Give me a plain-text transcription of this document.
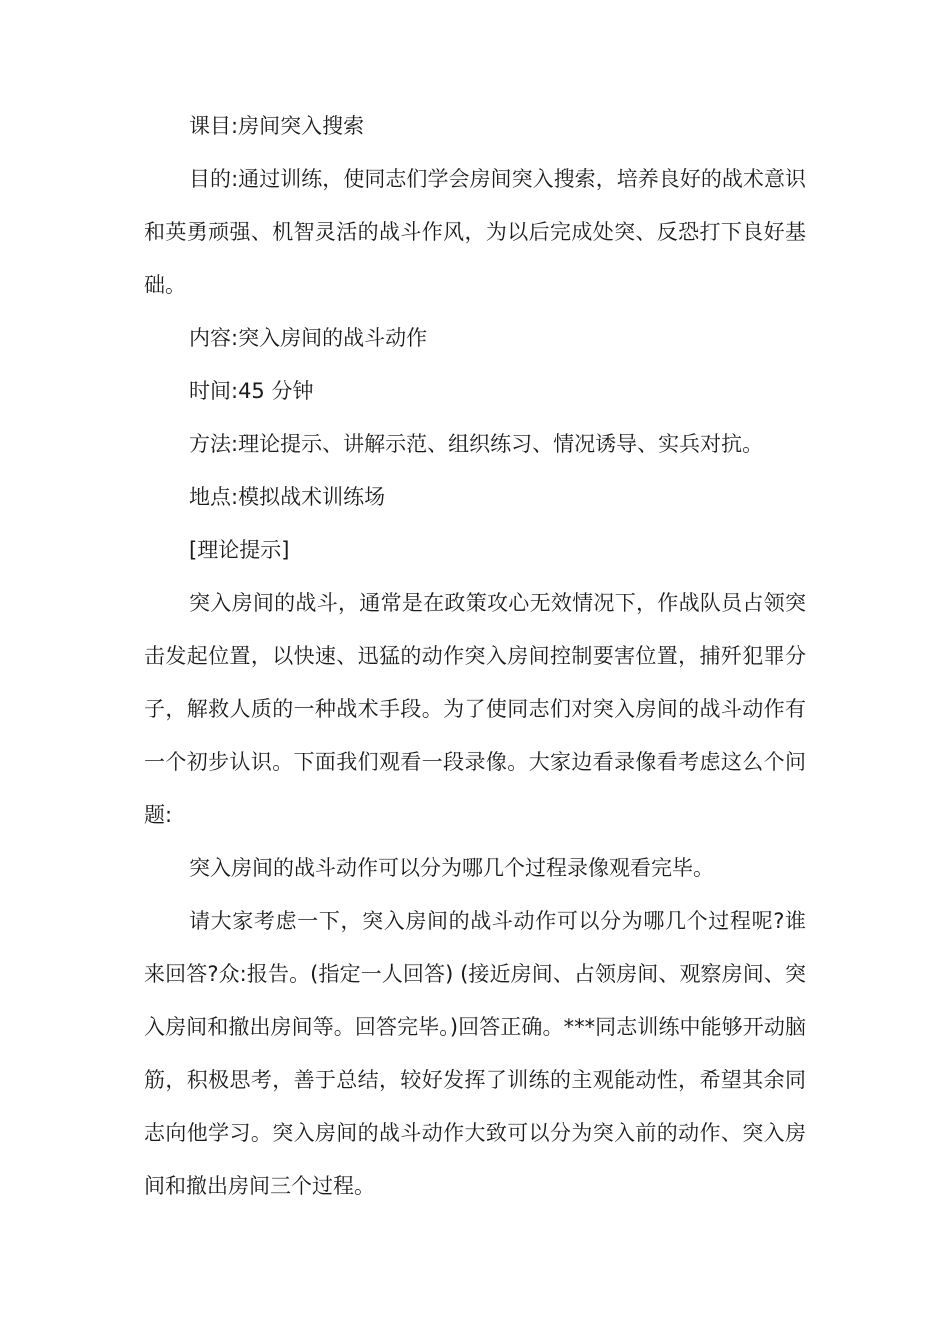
课目:房间突入搜索

目的:通过训练，使同志们学会房间突入搜索，培养良好的战术意识和英勇顽强、机智灵活的战斗作风，为以后完成处突、反恐打下良好基础。

内容:突入房间的战斗动作

时间:45 分钟

方法:理论提示、讲解示范、组织练习、情况诱导、实兵对抗。

地点:模拟战术训练场

[理论提示]

突入房间的战斗，通常是在政策攻心无效情况下，作战队员占领突击发起位置，以快速、迅猛的动作突入房间控制要害位置，捕歼犯罪分子，解救人质的一种战术手段。为了使同志们对突入房间的战斗动作有一个初步认识。下面我们观看一段录像。大家边看录像看考虑这么个问题:

突入房间的战斗动作可以分为哪几个过程录像观看完毕。

请大家考虑一下，突入房间的战斗动作可以分为哪几个过程呢?谁来回答?众:报告。(指定一人回答) (接近房间、占领房间、观察房间、突入房间和撤出房间等。回答完毕。)回答正确。***同志训练中能够开动脑筋，积极思考，善于总结，较好发挥了训练的主观能动性，希望其余同志向他学习。突入房间的战斗动作大致可以分为突入前的动作、突入房间和撤出房间三个过程。
